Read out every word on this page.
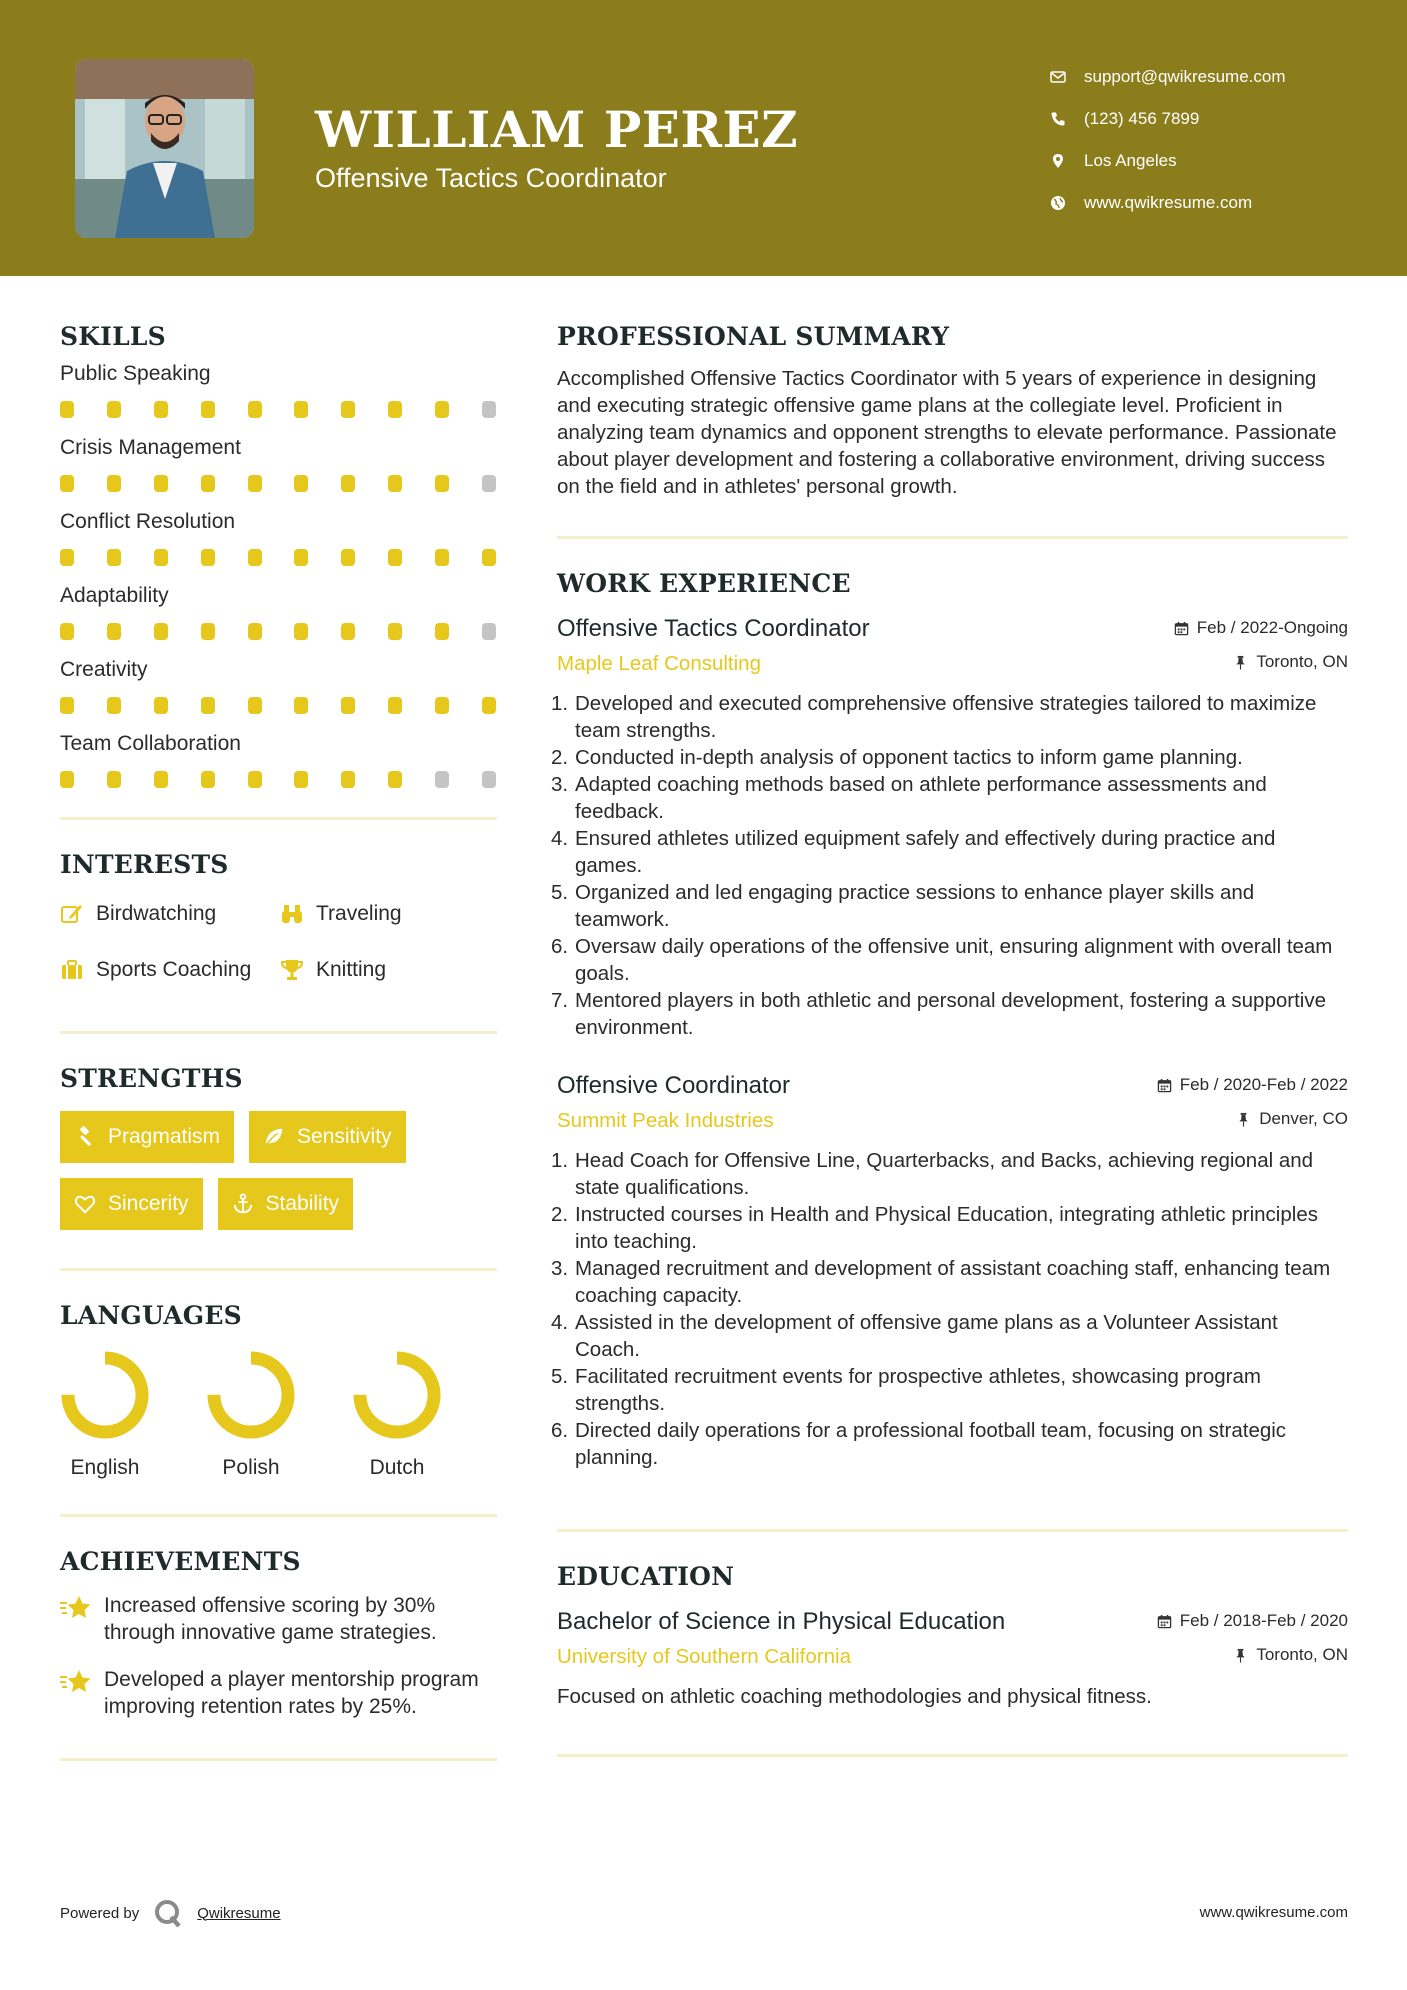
WILLIAM PEREZ
Offensive Tactics Coordinator
support@qwikresume.com
(123) 456 7899
Los Angeles
www.qwikresume.com
SKILLS
Public Speaking
Crisis Management
Conflict Resolution
Adaptability
Creativity
Team Collaboration
INTERESTS
Birdwatching	Traveling
Sports Coaching	Knitting
STRENGTHS
Pragmatism	Sensitivity
Sincerity	Stability
LANGUAGES
English	Polish	Dutch
ACHIEVEMENTS
Increased offensive scoring by 30% through innovative game strategies.
Developed a player mentorship program improving retention rates by 25%.
PROFESSIONAL SUMMARY
Accomplished Offensive Tactics Coordinator with 5 years of experience in designing and executing strategic offensive game plans at the collegiate level. Proficient in analyzing team dynamics and opponent strengths to elevate performance. Passionate about player development and fostering a collaborative environment, driving success on the field and in athletes' personal growth.
WORK EXPERIENCE
Offensive Tactics Coordinator	Feb / 2022-Ongoing
Maple Leaf Consulting	Toronto, ON
1. Developed and executed comprehensive offensive strategies tailored to maximize team strengths.
2. Conducted in-depth analysis of opponent tactics to inform game planning.
3. Adapted coaching methods based on athlete performance assessments and feedback.
4. Ensured athletes utilized equipment safely and effectively during practice and games.
5. Organized and led engaging practice sessions to enhance player skills and teamwork.
6. Oversaw daily operations of the offensive unit, ensuring alignment with overall team goals.
7. Mentored players in both athletic and personal development, fostering a supportive environment.
Offensive Coordinator	Feb / 2020-Feb / 2022
Summit Peak Industries	Denver, CO
1. Head Coach for Offensive Line, Quarterbacks, and Backs, achieving regional and state qualifications.
2. Instructed courses in Health and Physical Education, integrating athletic principles into teaching.
3. Managed recruitment and development of assistant coaching staff, enhancing team coaching capacity.
4. Assisted in the development of offensive game plans as a Volunteer Assistant Coach.
5. Facilitated recruitment events for prospective athletes, showcasing program strengths.
6. Directed daily operations for a professional football team, focusing on strategic planning.
EDUCATION
Bachelor of Science in Physical Education	Feb / 2018-Feb / 2020
University of Southern California	Toronto, ON
Focused on athletic coaching methodologies and physical fitness.
Powered by	Qwikresume	www.qwikresume.com
